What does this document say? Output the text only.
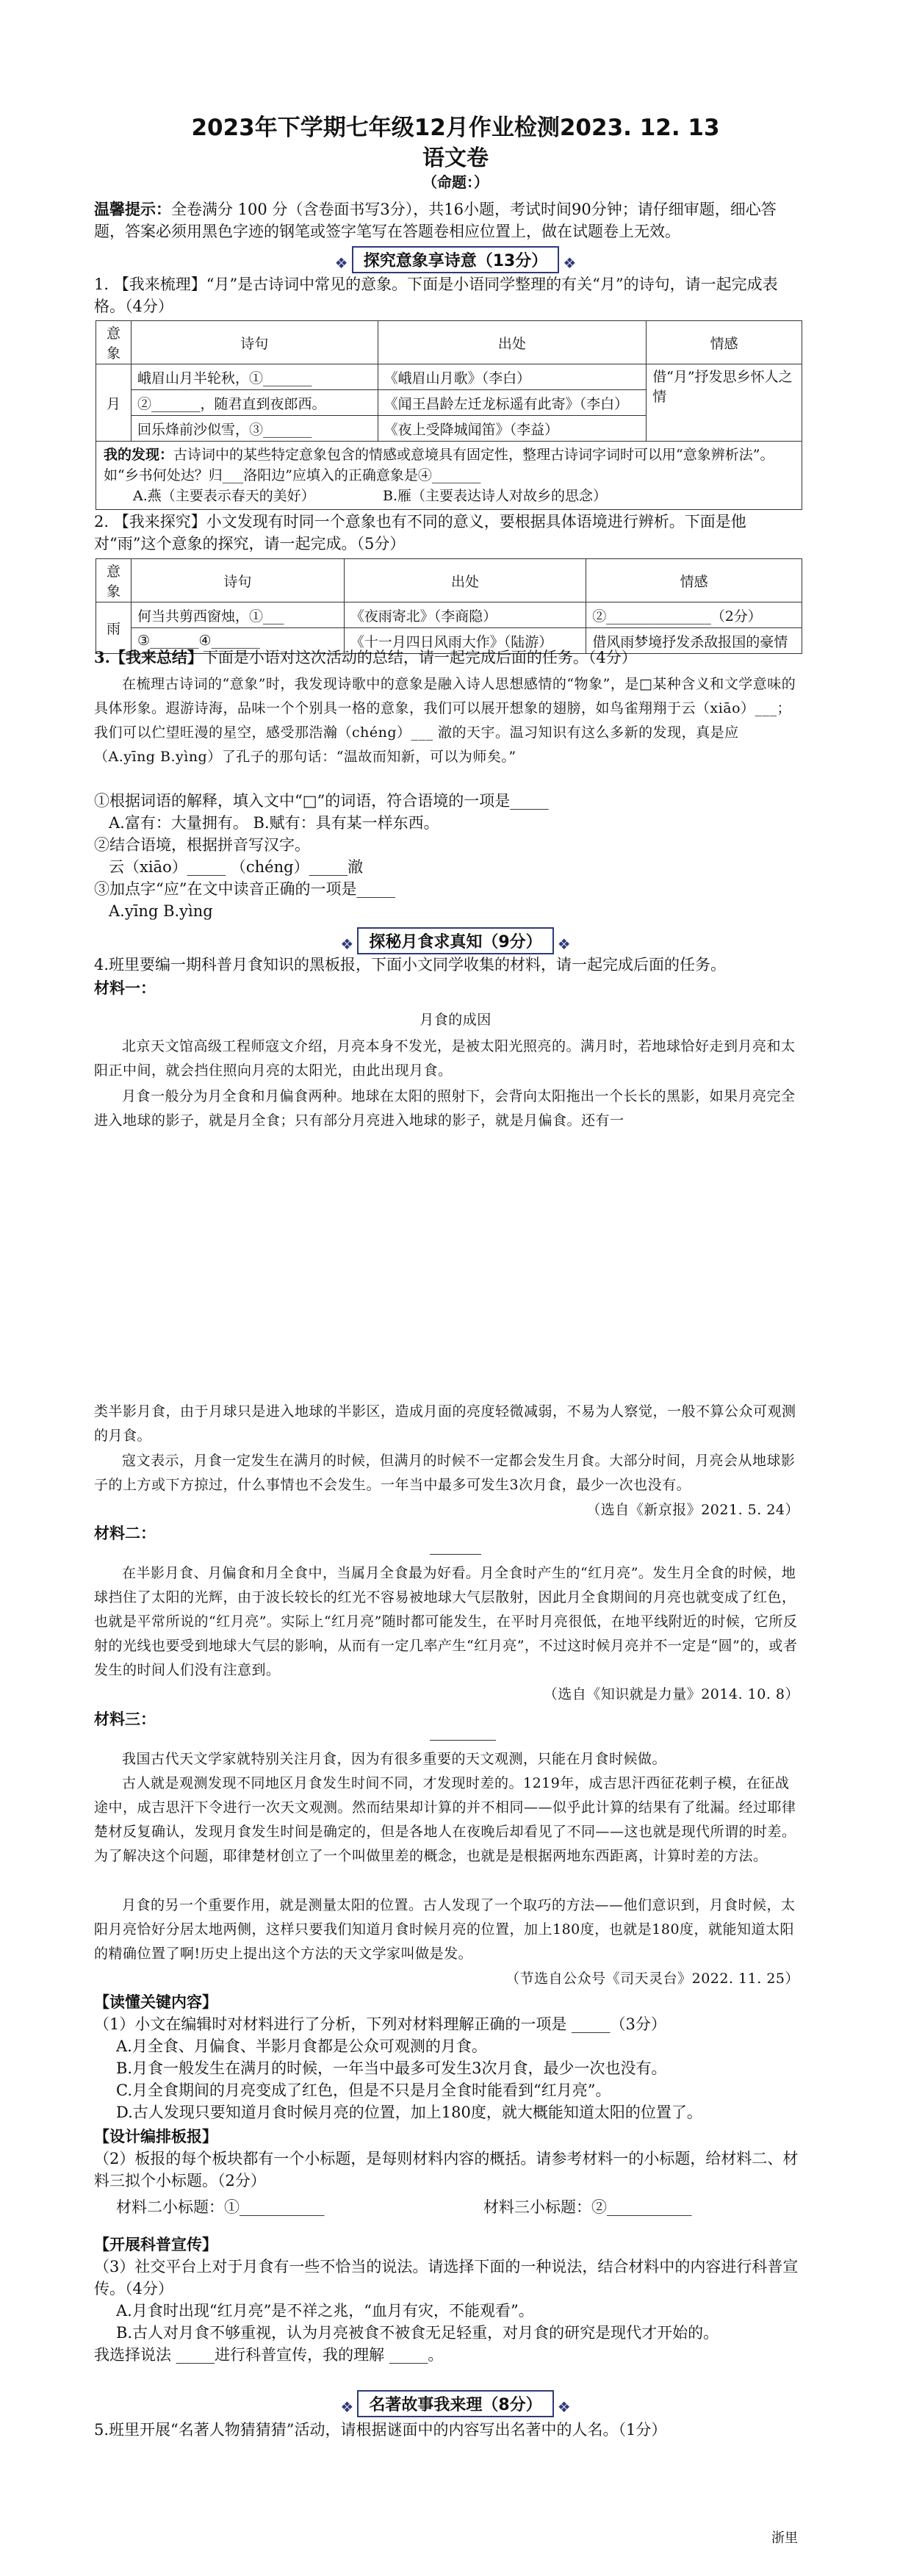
2023年下学期七年级12月作业检测2023. 12. 13
语文卷
（命题：）
温馨提示：全卷满分 100 分（含卷面书写3分），共16小题，考试时间90分钟；请仔细审题，细心答题，答案必须用黑色字迹的钢笔或签字笔写在答题卷相应位置上，做在试题卷上无效。
❖ 探究意象享诗意（13分） ❖
1. 【我来梳理】“月”是古诗词中常见的意象。下面是小语同学整理的有关“月”的诗句，请一起完成表格。（4分）
意象	诗句	出处	情感
月	峨眉山月半轮秋，①_______	《峨眉山月歌》（李白）	借“月”抒发思乡怀人之情
	②_______，随君直到夜郎西。	《闻王昌龄左迁龙标遥有此寄》（李白）	
	回乐烽前沙似雪，③_______	《夜上受降城闻笛》（李益）	
我的发现：古诗词中的某些特定意象包含的情感或意境具有固定性，整理古诗词字词时可以用“意象辨析法”。如“乡书何处达？归___洛阳边”应填入的正确意象是④_______
A.燕（主要表示春天的美好） B.雁（主要表达诗人对故乡的思念）			
2. 【我来探究】小文发现有时同一个意象也有不同的意义，要根据具体语境进行辨析。下面是他对“雨”这个意象的探究，请一起完成。（5分）
意象	诗句	出处	情感
雨	何当共剪西窗烛，①___	《夜雨寄北》（李商隐）	②_______________（2分）
	③_______④_______	《十一月四日风雨大作》（陆游）	借风雨梦境抒发杀敌报国的豪情
3.【我来总结】下面是小语对这次活动的总结，请一起完成后面的任务。（4分）
在梳理古诗词的“意象”时，我发现诗歌中的意象是融入诗人思想感情的“物象”，是□某种含义和文学意味的具体形象。遐游诗海，品味一个个别具一格的意象，我们可以展开想象的翅膀，如鸟雀翔翔于云（xiāo）___；我们可以伫望旺漫的星空，感受那浩瀚（chéng）___ 澈的天宇。温习知识有这么多新的发现，真是应（A.yīng B.yìng）了孔子的那句话：“温故而知新，可以为师矣。”
①根据词语的解释，填入文中“□”的词语，符合语境的一项是_____
A.富有：大量拥有。 B.赋有：具有某一样东西。
②结合语境，根据拼音写汉字。
云（xiāo）_____ （chéng）_____澈
③加点字“应”在文中读音正确的一项是_____
A.yīng B.yìng
❖ 探秘月食求真知（9分） ❖
4.班里要编一期科普月食知识的黑板报，下面小文同学收集的材料，请一起完成后面的任务。
材料一：
月食的成因
北京天文馆高级工程师寇文介绍，月亮本身不发光，是被太阳光照亮的。满月时，若地球恰好走到月亮和太阳正中间，就会挡住照向月亮的太阳光，由此出现月食。
月食一般分为月全食和月偏食两种。地球在太阳的照射下，会背向太阳拖出一个长长的黑影，如果月亮完全进入地球的影子，就是月全食；只有部分月亮进入地球的影子，就是月偏食。还有一
类半影月食，由于月球只是进入地球的半影区，造成月面的亮度轻微减弱，不易为人察觉，一般不算公众可观测的月食。
寇文表示，月食一定发生在满月的时候，但满月的时候不一定都会发生月食。大部分时间，月亮会从地球影子的上方或下方掠过，什么事情也不会发生。一年当中最多可发生3次月食，最少一次也没有。
（选自《新京报》2021. 5. 24）
材料二：
在半影月食、月偏食和月全食中，当属月全食最为好看。月全食时产生的“红月亮”。发生月全食的时候，地球挡住了太阳的光辉，由于波长较长的红光不容易被地球大气层散射，因此月全食期间的月亮也就变成了红色，也就是平常所说的“红月亮”。实际上“红月亮”随时都可能发生，在平时月亮很低，在地平线附近的时候，它所反射的光线也要受到地球大气层的影响，从而有一定几率产生“红月亮”，不过这时候月亮并不一定是“圆”的，或者发生的时间人们没有注意到。
（选自《知识就是力量》2014. 10. 8）
材料三：
我国古代天文学家就特别关注月食，因为有很多重要的天文观测，只能在月食时候做。
古人就是观测发现不同地区月食发生时间不同，才发现时差的。1219年，成吉思汗西征花剌子模，在征战途中，成吉思汗下令进行一次天文观测。然而结果却计算的并不相同——似乎此计算的结果有了纰漏。经过耶律楚材反复确认，发现月食发生时间是确定的，但是各地人在夜晚后却看见了不同——这也就是现代所谓的时差。为了解决这个问题，耶律楚材创立了一个叫做里差的概念，也就是是根据两地东西距离，计算时差的方法。
月食的另一个重要作用，就是测量太阳的位置。古人发现了一个取巧的方法——他们意识到，月食时候，太阳月亮恰好分居太地两侧，这样只要我们知道月食时候月亮的位置，加上180度，也就是180度，就能知道太阳的精确位置了啊!历史上提出这个方法的天文学家叫做是发。
（节选自公众号《司天灵台》2022. 11. 25）
【读懂关键内容】
（1）小文在编辑时对材料进行了分析，下列对材料理解正确的一项是 _____（3分）
A.月全食、月偏食、半影月食都是公众可观测的月食。
B.月食一般发生在满月的时候，一年当中最多可发生3次月食，最少一次也没有。
C.月全食期间的月亮变成了红色，但是不只是月全食时能看到“红月亮”。
D.古人发现只要知道月食时候月亮的位置，加上180度，就大概能知道太阳的位置了。
【设计编排板报】
（2）板报的每个板块都有一个小标题，是每则材料内容的概括。请参考材料一的小标题，给材料二、材料三拟个小标题。（2分）
材料二小标题：①___________	材料三小标题：②___________
【开展科普宣传】
（3）社交平台上对于月食有一些不恰当的说法。请选择下面的一种说法，结合材料中的内容进行科普宣传。（4分）
A.月食时出现“红月亮”是不祥之兆，“血月有灾，不能观看”。
B.古人对月食不够重视，认为月亮被食不被食无足轻重，对月食的研究是现代才开始的。
我选择说法 _____进行科普宣传，我的理解 _____。
❖ 名著故事我来理（8分） ❖
5.班里开展“名著人物猜猜猜”活动，请根据谜面中的内容写出名著中的人名。（1分）
浙里
